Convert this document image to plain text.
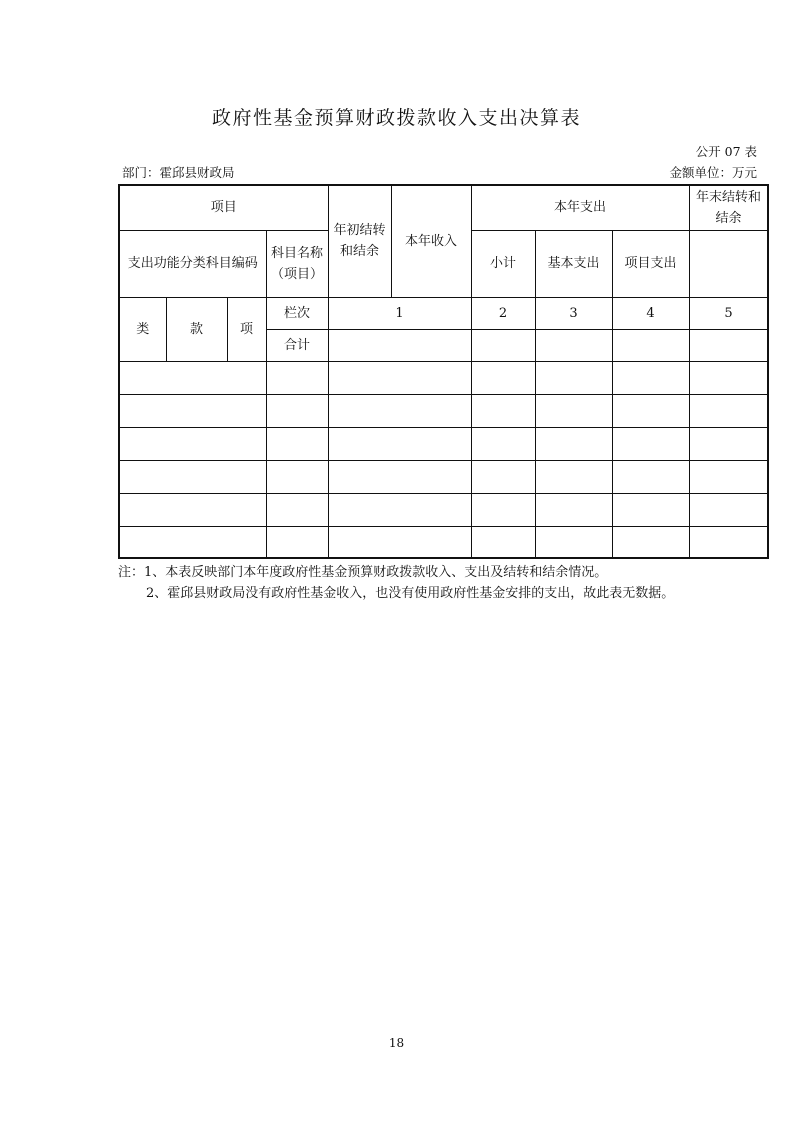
政府性基金预算财政拨款收入支出决算表
公开 07 表
部门：霍邱县财政局	金额单位：万元
项目				年初结转和结余	本年收入	本年支出			年末结转和结余	
支出功能分类科目编码			科目名称（项目）			小计	基本支出	项目支出		
类	款	项	栏次	1		2	3	4	5	
			合计							

注：1、本表反映部门本年度政府性基金预算财政拨款收入、支出及结转和结余情况。

2、霍邱县财政局没有政府性基金收入，也没有使用政府性基金安排的支出，故此表无数据。

18
